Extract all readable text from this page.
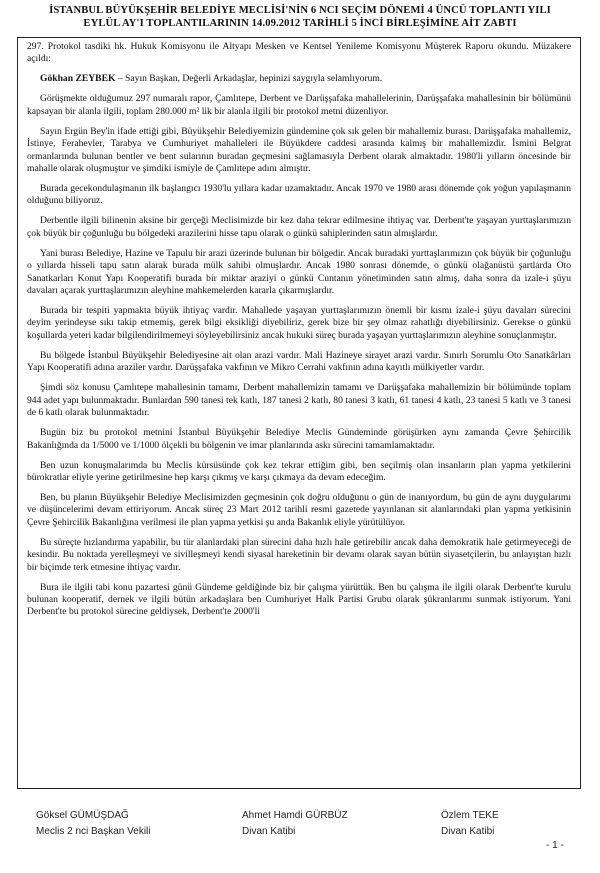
İSTANBUL BÜYÜKŞEHİR BELEDİYE MECLİSİ'NİN 6 NCI SEÇİM DÖNEMİ 4 ÜNCÜ TOPLANTI YILI
EYLÜL AY'I TOPLANTILARININ 14.09.2012 TARİHLİ 5 İNCİ BİRLEŞİMİNE AİT ZABTI

297. Protokol tasdiki hk. Hukuk Komisyonu ile Altyapı Mesken ve Kentsel Yenileme Komisyonu Müşterek Raporu okundu. Müzakere açıldı:

Gökhan ZEYBEK – Sayın Başkan, Değerli Arkadaşlar, hepinizi saygıyla selamlıyorum.

Görüşmekte olduğumuz 297 numaralı rapor, Çamlıtepe, Derbent ve Darüşşafaka mahallelerinin, Darüşşafaka mahallesinin bir bölümünü kapsayan bir alanla ilgili, toplam 280.000 m² lik bir alanla ilgili bir protokol metni düzenliyor.

Sayın Ergün Bey'in ifade ettiği gibi, Büyükşehir Belediyemizin gündemine çok sık gelen bir mahallemiz burası. Darüşşafaka mahallemiz, İstinye, Ferahevler, Tarabya ve Cumhuriyet mahalleleri ile Büyükdere caddesi arasında kalmış bir mahallemizdir. İsmini Belgrat ormanlarında bulunan bentler ve bent sularının buradan geçmesini sağlamasıyla Derbent olarak almaktadır. 1980'li yılların öncesinde bir mahalle olarak oluşmuştur ve şimdiki ismiyle de Çamlıtepe adını almıştır.

Burada gecekondulaşmanın ilk başlangıcı 1930'lu yıllara kadar uzamaktadır. Ancak 1970 ve 1980 arası dönemde çok yoğun yapılaşmanın olduğunu biliyoruz.

Derbentle ilgili bilinenin aksine bir gerçeği Meclisimizde bir kez daha tekrar edilmesine ihtiyaç var. Derbent'te yaşayan yurttaşlarımızın çok büyük bir çoğunluğu bu bölgedeki arazilerini hisse tapu olarak o günkü sahiplerinden satın almışlardır.

Yani burası Belediye, Hazine ve Tapulu bir arazi üzerinde bulunan bir bölgedir. Ancak buradaki yurttaşlarımızın çok büyük bir çoğunluğu o yıllarda hisseli tapu satın alarak burada mülk sahibi olmuşlardır. Ancak 1980 sonrası dönemde, o günkü olağanüstü şartlarda Oto Sanatkarları Konut Yapı Kooperatifi burada bir miktar araziyi o günkü Cuntanın yönetiminden satın almış, daha sonra da izale-i şüyu davaları açarak yurttaşlarımızın aleyhine mahkemelerden kararla çıkarmışlardır.

Burada bir tespiti yapmakta büyük ihtiyaç vardır. Mahallede yaşayan yurttaşlarımızın önemli bir kısmı izale-i şüyu davaları sürecini deyim yerindeyse sıkı takip etmemiş, gerek bilgi eksikliği diyebiliriz, gerek bize bir şey olmaz rahatlığı diyebilirsiniz. Gerekse o günkü koşullarda yeteri kadar bilgilendirilmemeyi söyleyebilirsiniz ancak hukuki süreç burada yaşayan yurttaşlarımızın aleyhine sonuçlanmıştır.

Bu bölgede İstanbul Büyükşehir Belediyesine ait olan arazi vardır. Mali Hazineye sirayet arazi vardır. Sınırlı Sorumlu Oto Sanatkârları Yapı Kooperatifi adına araziler vardır. Darüşşafaka vakfının ve Mikro Cerrahi vakfının adına kayıtlı mülkiyetler vardır.

Şimdi söz konusu Çamlıtepe mahallesinin tamamı, Derbent mahallemizin tamamı ve Darüşşafaka mahallemizin bir bölümünde toplam 944 adet yapı bulunmaktadır. Bunlardan 590 tanesi tek katlı, 187 tanesi 2 katlı, 80 tanesi 3 katlı, 61 tanesi 4 katlı, 23 tanesi 5 katlı ve 3 tanesi de 6 katlı olarak bulunmaktadır.

Bugün biz bu protokol metnini İstanbul Büyükşehir Belediye Meclis Gündeminde görüşürken aynı zamanda Çevre Şehircilik Bakanlığında da 1/5000 ve 1/1000 ölçekli bu bölgenin ve imar planlarında askı sürecini tamamlamaktadır.

Ben uzun konuşmalarımda bu Meclis kürsüsünde çok kez tekrar ettiğim gibi, ben seçilmiş olan insanların plan yapma yetkilerini bürokratlar eliyle yerine getirilmesine hep karşı çıkmış ve karşı çıkmaya da devam edeceğim.

Ben, bu planın Büyükşehir Belediye Meclisimizden geçmesinin çok doğru olduğunu o gün de inanıyordum, bu gün de aynı duygularımı ve düşüncelerimi devam ettiriyorum. Ancak süreç 23 Mart 2012 tarihli resmi gazetede yayınlanan sit alanlarındaki plan yapma yetkisinin Çevre Şehircilik Bakanlığına verilmesi ile plan yapma yetkisi şu anda Bakanlık eliyle yürütülüyor.

Bu süreçte hızlandırma yapabilir, bu tür alanlardaki plan sürecini daha hızlı hale getirebilir ancak daha demokratik hale getirmeyeceği de kesindir. Bu noktada yerelleşmeyi ve sivilleşmeyi kendi siyasal hareketinin bir devamı olarak sayan bütün siyasetçilerin, bu anlayıştan hızlı bir biçimde terk etmesine ihtiyaç vardır.

Bura ile ilgili tabi konu pazartesi günü Gündeme geldiğinde biz bir çalışma yürüttük. Ben bu çalışma ile ilgili olarak Derbent'te kurulu bulunan kooperatif, dernek ve ilgili bütün arkadaşlara ben Cumhuriyet Halk Partisi Grubu olarak şükranlarımı sunmak istiyorum. Yani Derbent'te bu protokol sürecine geldiysek, Derbent'te 2000'li

Göksel GÜMÜŞDAĞ
Meclis 2 nci Başkan Vekili
Ahmet Hamdi GÜRBÜZ
Divan Katibi
Özlem TEKE
Divan Katibi
- 1 -
